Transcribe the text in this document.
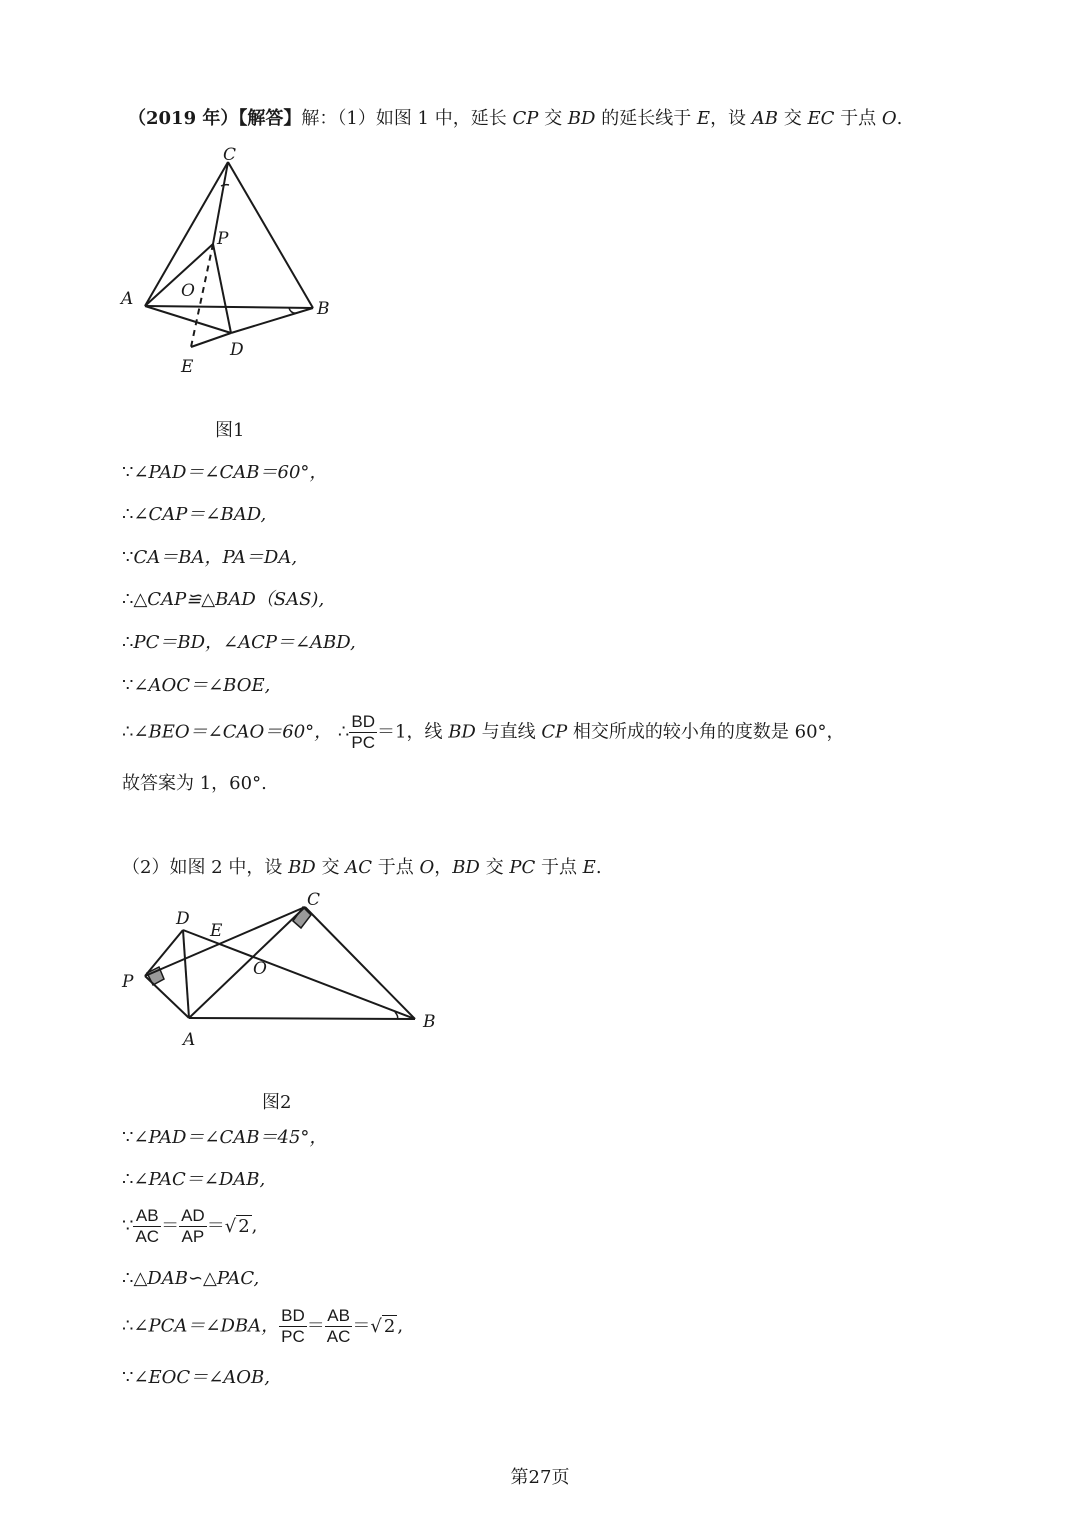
（2019 年）【解答】解：（1）如图 1 中，延长 CP 交 BD 的延长线于 E，设 AB 交 EC 于点 O.
C
P
A	O
B
D
E
图1
∵∠PAD＝∠CAB＝60°，
∴∠CAP＝∠BAD,
∵CA＝BA，PA＝DA,
∴△CAP≌△BAD（SAS),
∴PC＝BD，∠ACP＝∠ABD,
∵∠AOC＝∠BOE,
∴∠BEO＝∠CAO＝60°， ∴ $\frac{BD}{PC} =1$，线 BD 与直线 CP 相交所成的较小角的度数是 60°，
故答案为 1，60°.
（2）如图 2 中，设 BD 交 AC 于点 O，BD 交 PC 于点 E.
C
D
E
O
P
A
B
图2
∵∠PAD＝∠CAB＝45°，
∴∠PAC＝∠DAB,
∵ $\frac{AB}{AC} = \frac{AD}{AP}$ ＝√ 2 ,
∴△DAB∽△PAC,
∴∠PCA＝∠DBA， $\frac{BD}{PC} = \frac{AB}{AC}$ ＝√ 2 ,
∵∠EOC＝∠AOB,
第27页
